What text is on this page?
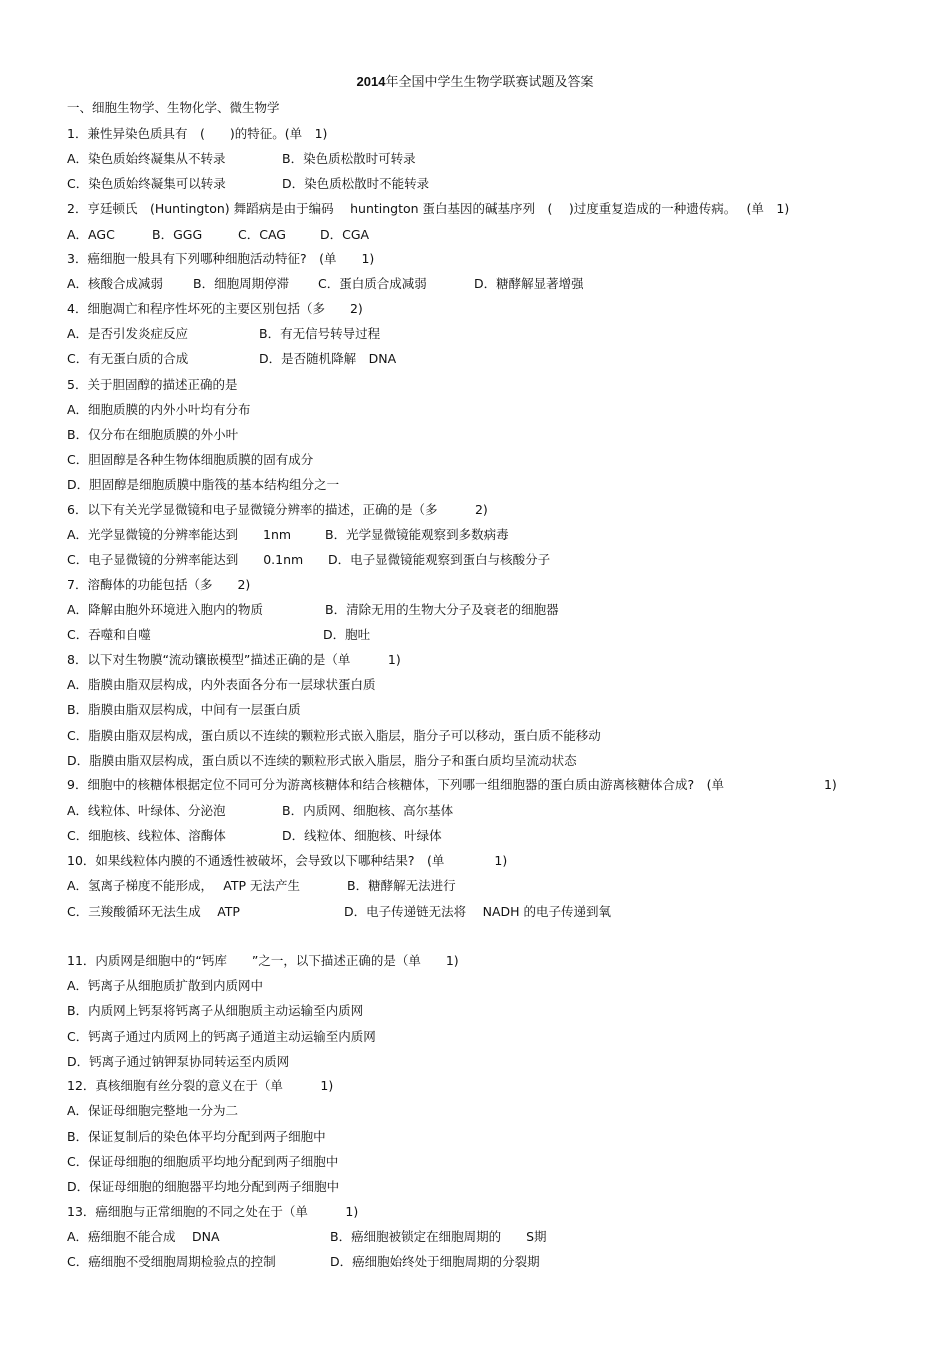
2014年全国中学生生物学联赛试题及答案
一、细胞生物学、生物化学、微生物学
1．兼性异染色质具有　(　　)的特征。(单　1)
A．染色质始终凝集从不转录	B．染色质松散时可转录
C．染色质始终凝集可以转录	D．染色质松散时不能转录
2．亨廷顿氏　(Huntington) 舞蹈病是由于编码　 huntington 蛋白基因的碱基序列　(　 )过度重复造成的一种遗传病。　 (单　1)
A．AGC	B．GGG	C．CAG	D．CGA
3．癌细胞一般具有下列哪种细胞活动特征?　(单　　1)
A．核酸合成减弱 B．细胞周期停滞 C．蛋白质合成减弱	D．糖酵解显著增强
4．细胞凋亡和程序性坏死的主要区别包括（多　　2)
A．是否引发炎症反应	B．有无信号转导过程
C．有无蛋白质的合成	D．是否随机降解　DNA
5．关于胆固醇的描述正确的是
A．细胞质膜的内外小叶均有分布
B．仅分布在细胞质膜的外小叶
C．胆固醇是各种生物体细胞质膜的固有成分
D．胆固醇是细胞质膜中脂筏的基本结构组分之一
6．以下有关光学显微镜和电子显微镜分辨率的描述，正确的是（多　　　2)
A．光学显微镜的分辨率能达到　　1nm	B．光学显微镜能观察到多数病毒
C．电子显微镜的分辨率能达到　　0.1nm D．电子显微镜能观察到蛋白与核酸分子
7．溶酶体的功能包括（多　　2)
A．降解由胞外环境进入胞内的物质	B．清除无用的生物大分子及衰老的细胞器
C．吞噬和自噬	D．胞吐
8．以下对生物膜“流动镶嵌模型”描述正确的是（单　　　1)
A．脂膜由脂双层构成，内外表面各分布一层球状蛋白质
B．脂膜由脂双层构成，中间有一层蛋白质
C．脂膜由脂双层构成，蛋白质以不连续的颗粒形式嵌入脂层，脂分子可以移动，蛋白质不能移动
D．脂膜由脂双层构成，蛋白质以不连续的颗粒形式嵌入脂层，脂分子和蛋白质均呈流动状态
9．细胞中的核糖体根据定位不同可分为游离核糖体和结合核糖体，下列哪一组细胞器的蛋白质由游离核糖体合成?　(单　　　　　　　　1)
A．线粒体、叶绿体、分泌泡	B．内质网、细胞核、高尔基体
C．细胞核、线粒体、溶酶体	D．线粒体、细胞核、叶绿体
10．如果线粒体内膜的不通透性被破坏，会导致以下哪种结果?　(单　　　　1)
A．氢离子梯度不能形成，　 ATP 无法产生	B．糖酵解无法进行
C．三羧酸循环无法生成　 ATP	D．电子传递链无法将　 NADH 的电子传递到氧
11．内质网是细胞中的“钙库　　”之一，以下描述正确的是（单　　1)
A．钙离子从细胞质扩散到内质网中
B．内质网上钙泵将钙离子从细胞质主动运输至内质网
C．钙离子通过内质网上的钙离子通道主动运输至内质网
D．钙离子通过钠钾泵协同转运至内质网
12．真核细胞有丝分裂的意义在于（单　　　1)
A．保证母细胞完整地一分为二
B．保证复制后的染色体平均分配到两子细胞中
C．保证母细胞的细胞质平均地分配到两子细胞中
D．保证母细胞的细胞器平均地分配到两子细胞中
13．癌细胞与正常细胞的不同之处在于（单　　　1)
A．癌细胞不能合成　 DNA	B．癌细胞被锁定在细胞周期的　　S期
C．癌细胞不受细胞周期检验点的控制	D．癌细胞始终处于细胞周期的分裂期
